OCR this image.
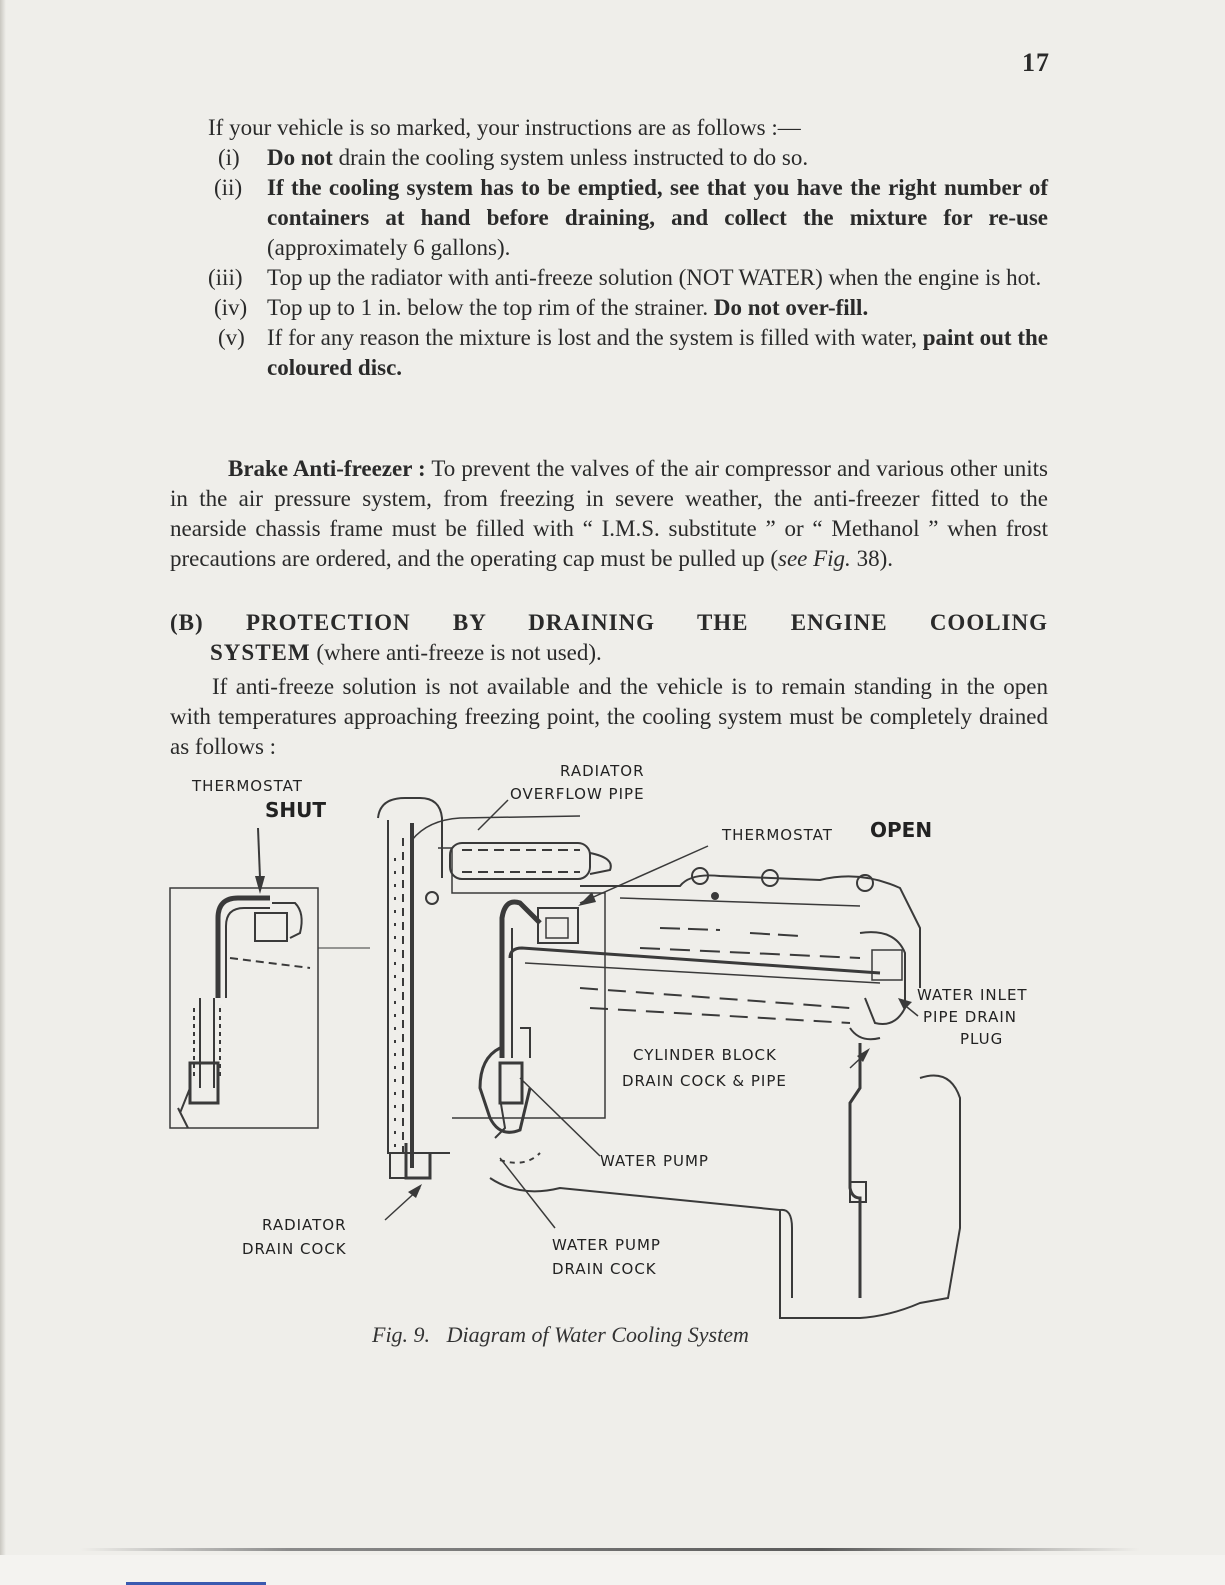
17

If your vehicle is so marked, your instructions are as follows :—

(i) Do not drain the cooling system unless instructed to do so.
(ii) If the cooling system has to be emptied, see that you have the right number of containers at hand before draining, and collect the mixture for re-use (approximately 6 gallons).
(iii) Top up the radiator with anti-freeze solution (NOT WATER) when the engine is hot.
(iv) Top up to 1 in. below the top rim of the strainer. Do not over-fill.
(v) If for any reason the mixture is lost and the system is filled with water, paint out the coloured disc.

Brake Anti-freezer : To prevent the valves of the air compressor and various other units in the air pressure system, from freezing in severe weather, the anti-freezer fitted to the nearside chassis frame must be filled with “ I.M.S. substitute ” or “ Methanol ” when frost precautions are ordered, and the operating cap must be pulled up (see Fig. 38).

(B) PROTECTION BY DRAINING THE ENGINE COOLING SYSTEM (where anti-freeze is not used).

If anti-freeze solution is not available and the vehicle is to remain standing in the open with temperatures approaching freezing point, the cooling system must be completely drained as follows :

THERMOSTAT
SHUT
RADIATOR
OVERFLOW PIPE
THERMOSTAT OPEN
WATER INLET
PIPE DRAIN
PLUG
CYLINDER BLOCK
DRAIN COCK & PIPE
WATER PUMP
RADIATOR
DRAIN COCK	WATER PUMP
DRAIN COCK
Fig. 9. Diagram of Water Cooling System
